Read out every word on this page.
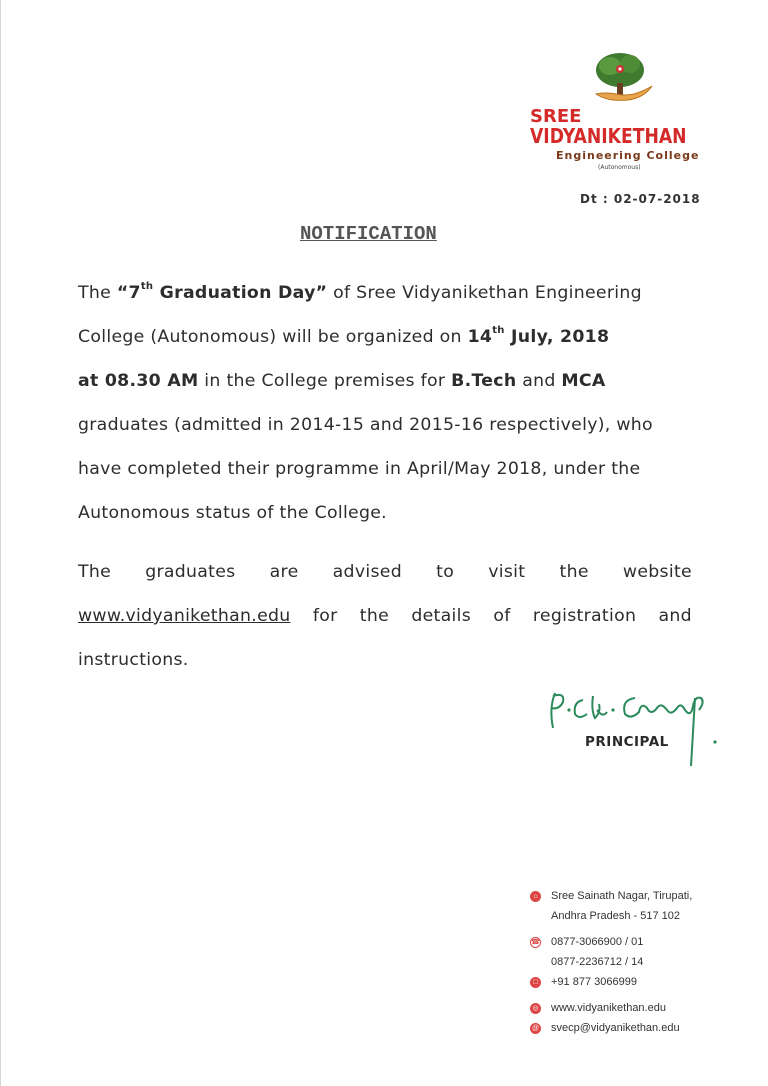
SREE
VIDYANIKETHAN
Engineering College
(Autonomous)
Dt : 02-07-2018
NOTIFICATION
The “7th Graduation Day” of Sree Vidyanikethan Engineering
College (Autonomous) will be organized on 14th July, 2018
at 08.30 AM in the College premises for B.Tech and MCA
graduates (admitted in 2014-15 and 2015-16 respectively), who
have completed their programme in April/May 2018, under the
Autonomous status of the College.
The graduates are advised to visit the website
www.vidyanikethan.edu for the details of registration and
instructions.
PRINCIPAL
⌂	Sree Sainath Nagar, Tirupati,
Andhra Pradesh - 517 102
☎ 0877-3066900 / 01
0877-2236712 / 14
□	+91 877 3066999
◎ www.vidyanikethan.edu
@ svecp@vidyanikethan.edu
